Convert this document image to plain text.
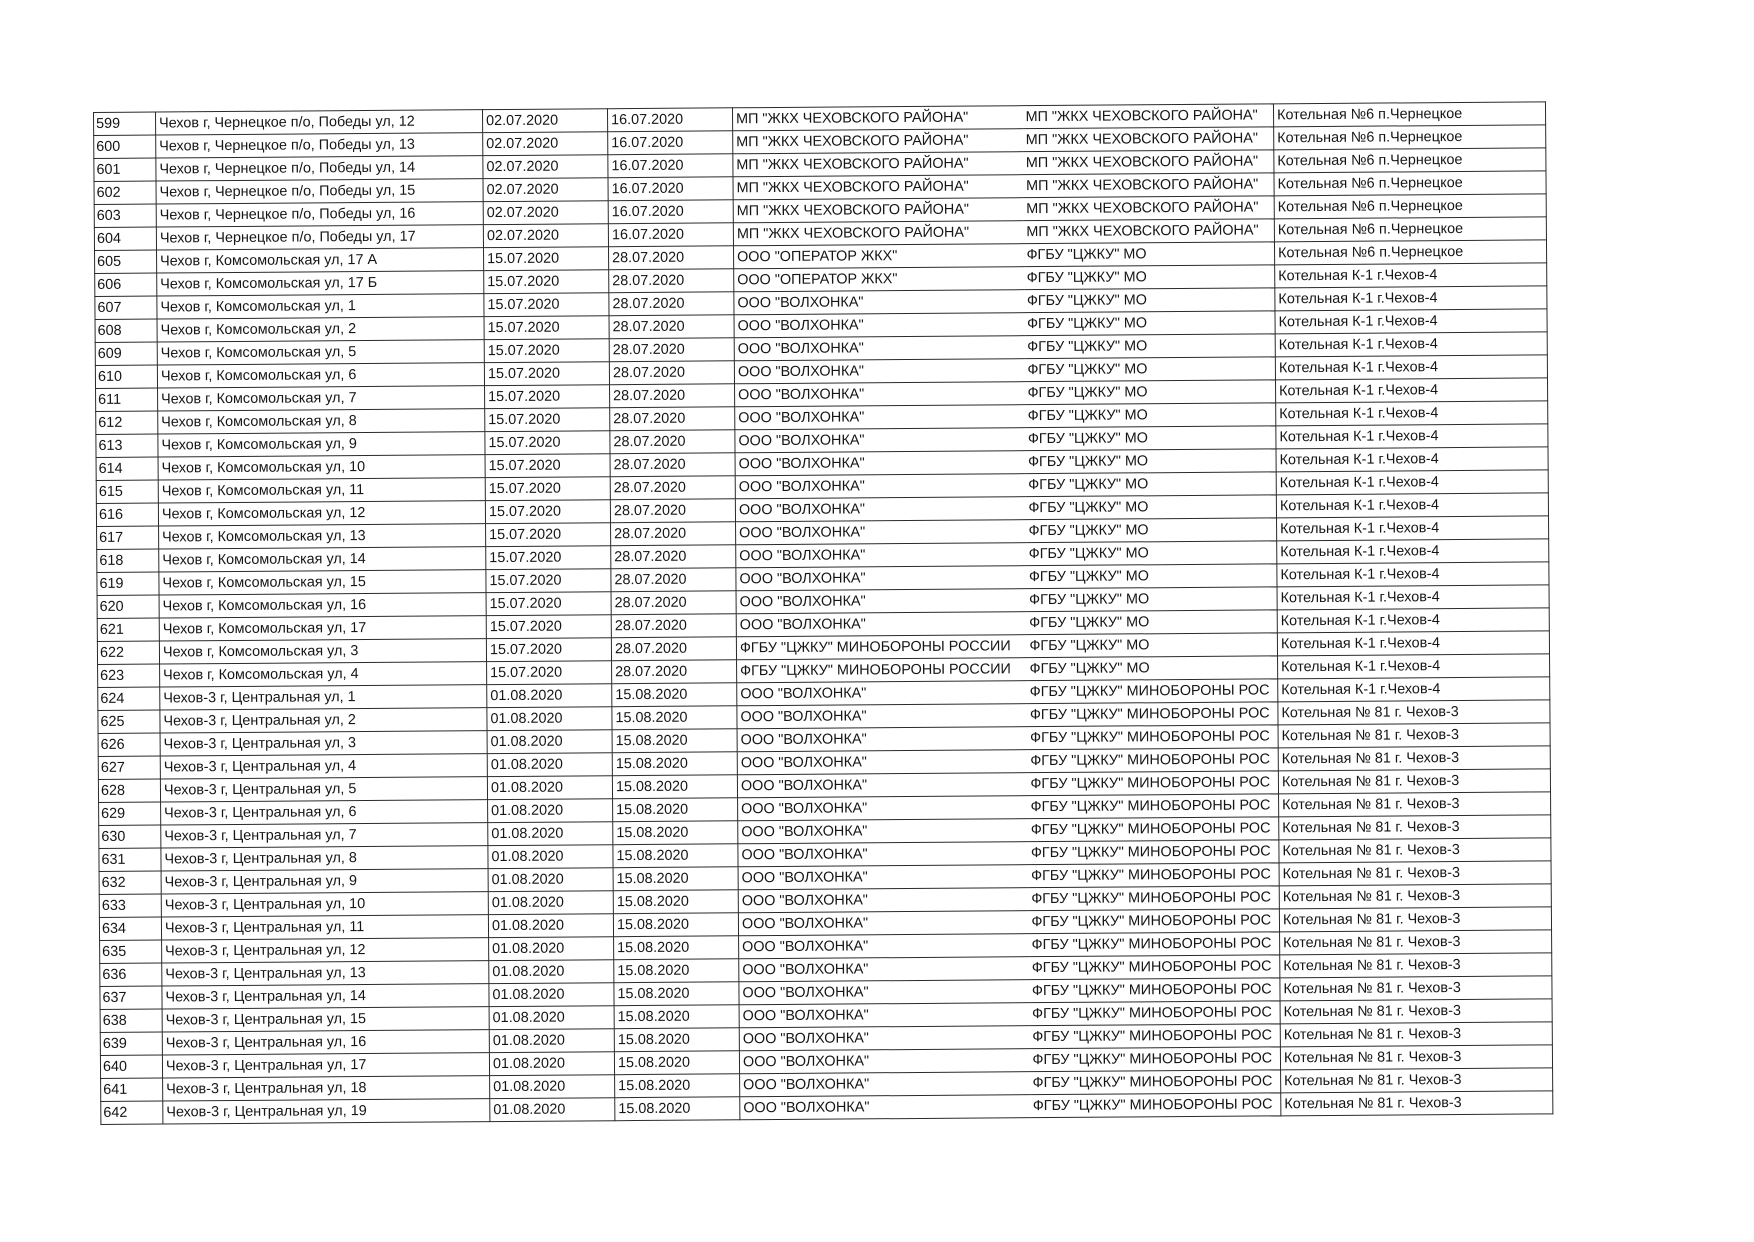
599	Чехов г, Чернецкое п/о, Победы ул, 12	02.07.2020	16.07.2020	МП "ЖКХ ЧЕХОВСКОГО РАЙОНА"	МП "ЖКХ ЧЕХОВСКОГО РАЙОНА"	Котельная №6 п.Чернецкое
600	Чехов г, Чернецкое п/о, Победы ул, 13	02.07.2020	16.07.2020	МП "ЖКХ ЧЕХОВСКОГО РАЙОНА"	МП "ЖКХ ЧЕХОВСКОГО РАЙОНА"	Котельная №6 п.Чернецкое
601	Чехов г, Чернецкое п/о, Победы ул, 14	02.07.2020	16.07.2020	МП "ЖКХ ЧЕХОВСКОГО РАЙОНА"	МП "ЖКХ ЧЕХОВСКОГО РАЙОНА"	Котельная №6 п.Чернецкое
602	Чехов г, Чернецкое п/о, Победы ул, 15	02.07.2020	16.07.2020	МП "ЖКХ ЧЕХОВСКОГО РАЙОНА"	МП "ЖКХ ЧЕХОВСКОГО РАЙОНА"	Котельная №6 п.Чернецкое
603	Чехов г, Чернецкое п/о, Победы ул, 16	02.07.2020	16.07.2020	МП "ЖКХ ЧЕХОВСКОГО РАЙОНА"	МП "ЖКХ ЧЕХОВСКОГО РАЙОНА"	Котельная №6 п.Чернецкое
604	Чехов г, Чернецкое п/о, Победы ул, 17	02.07.2020	16.07.2020	МП "ЖКХ ЧЕХОВСКОГО РАЙОНА"	МП "ЖКХ ЧЕХОВСКОГО РАЙОНА"	Котельная №6 п.Чернецкое
605	Чехов г, Комсомольская ул, 17 А	15.07.2020	28.07.2020	ООО "ОПЕРАТОР ЖКХ"	ФГБУ "ЦЖКУ" МО	Котельная №6 п.Чернецкое
606	Чехов г, Комсомольская ул, 17 Б	15.07.2020	28.07.2020	ООО "ОПЕРАТОР ЖКХ"	ФГБУ "ЦЖКУ" МО	Котельная К-1 г.Чехов-4
607	Чехов г, Комсомольская ул, 1	15.07.2020	28.07.2020	ООО "ВОЛХОНКА"	ФГБУ "ЦЖКУ" МО	Котельная К-1 г.Чехов-4
608	Чехов г, Комсомольская ул, 2	15.07.2020	28.07.2020	ООО "ВОЛХОНКА"	ФГБУ "ЦЖКУ" МО	Котельная К-1 г.Чехов-4
609	Чехов г, Комсомольская ул, 5	15.07.2020	28.07.2020	ООО "ВОЛХОНКА"	ФГБУ "ЦЖКУ" МО	Котельная К-1 г.Чехов-4
610	Чехов г, Комсомольская ул, 6	15.07.2020	28.07.2020	ООО "ВОЛХОНКА"	ФГБУ "ЦЖКУ" МО	Котельная К-1 г.Чехов-4
611	Чехов г, Комсомольская ул, 7	15.07.2020	28.07.2020	ООО "ВОЛХОНКА"	ФГБУ "ЦЖКУ" МО	Котельная К-1 г.Чехов-4
612	Чехов г, Комсомольская ул, 8	15.07.2020	28.07.2020	ООО "ВОЛХОНКА"	ФГБУ "ЦЖКУ" МО	Котельная К-1 г.Чехов-4
613	Чехов г, Комсомольская ул, 9	15.07.2020	28.07.2020	ООО "ВОЛХОНКА"	ФГБУ "ЦЖКУ" МО	Котельная К-1 г.Чехов-4
614	Чехов г, Комсомольская ул, 10	15.07.2020	28.07.2020	ООО "ВОЛХОНКА"	ФГБУ "ЦЖКУ" МО	Котельная К-1 г.Чехов-4
615	Чехов г, Комсомольская ул, 11	15.07.2020	28.07.2020	ООО "ВОЛХОНКА"	ФГБУ "ЦЖКУ" МО	Котельная К-1 г.Чехов-4
616	Чехов г, Комсомольская ул, 12	15.07.2020	28.07.2020	ООО "ВОЛХОНКА"	ФГБУ "ЦЖКУ" МО	Котельная К-1 г.Чехов-4
617	Чехов г, Комсомольская ул, 13	15.07.2020	28.07.2020	ООО "ВОЛХОНКА"	ФГБУ "ЦЖКУ" МО	Котельная К-1 г.Чехов-4
618	Чехов г, Комсомольская ул, 14	15.07.2020	28.07.2020	ООО "ВОЛХОНКА"	ФГБУ "ЦЖКУ" МО	Котельная К-1 г.Чехов-4
619	Чехов г, Комсомольская ул, 15	15.07.2020	28.07.2020	ООО "ВОЛХОНКА"	ФГБУ "ЦЖКУ" МО	Котельная К-1 г.Чехов-4
620	Чехов г, Комсомольская ул, 16	15.07.2020	28.07.2020	ООО "ВОЛХОНКА"	ФГБУ "ЦЖКУ" МО	Котельная К-1 г.Чехов-4
621	Чехов г, Комсомольская ул, 17	15.07.2020	28.07.2020	ООО "ВОЛХОНКА"	ФГБУ "ЦЖКУ" МО	Котельная К-1 г.Чехов-4
622	Чехов г, Комсомольская ул, 3	15.07.2020	28.07.2020	ФГБУ "ЦЖКУ" МИНОБОРОНЫ РОССИИ	ФГБУ "ЦЖКУ" МО	Котельная К-1 г.Чехов-4
623	Чехов г, Комсомольская ул, 4	15.07.2020	28.07.2020	ФГБУ "ЦЖКУ" МИНОБОРОНЫ РОССИИ	ФГБУ "ЦЖКУ" МО	Котельная К-1 г.Чехов-4
624	Чехов-3 г, Центральная ул, 1	01.08.2020	15.08.2020	ООО "ВОЛХОНКА"	ФГБУ "ЦЖКУ" МИНОБОРОНЫ РОС	Котельная К-1 г.Чехов-4
625	Чехов-3 г, Центральная ул, 2	01.08.2020	15.08.2020	ООО "ВОЛХОНКА"	ФГБУ "ЦЖКУ" МИНОБОРОНЫ РОС	Котельная № 81 г. Чехов-3
626	Чехов-3 г, Центральная ул, 3	01.08.2020	15.08.2020	ООО "ВОЛХОНКА"	ФГБУ "ЦЖКУ" МИНОБОРОНЫ РОС	Котельная № 81 г. Чехов-3
627	Чехов-3 г, Центральная ул, 4	01.08.2020	15.08.2020	ООО "ВОЛХОНКА"	ФГБУ "ЦЖКУ" МИНОБОРОНЫ РОС	Котельная № 81 г. Чехов-3
628	Чехов-3 г, Центральная ул, 5	01.08.2020	15.08.2020	ООО "ВОЛХОНКА"	ФГБУ "ЦЖКУ" МИНОБОРОНЫ РОС	Котельная № 81 г. Чехов-3
629	Чехов-3 г, Центральная ул, 6	01.08.2020	15.08.2020	ООО "ВОЛХОНКА"	ФГБУ "ЦЖКУ" МИНОБОРОНЫ РОС	Котельная № 81 г. Чехов-3
630	Чехов-3 г, Центральная ул, 7	01.08.2020	15.08.2020	ООО "ВОЛХОНКА"	ФГБУ "ЦЖКУ" МИНОБОРОНЫ РОС	Котельная № 81 г. Чехов-3
631	Чехов-3 г, Центральная ул, 8	01.08.2020	15.08.2020	ООО "ВОЛХОНКА"	ФГБУ "ЦЖКУ" МИНОБОРОНЫ РОС	Котельная № 81 г. Чехов-3
632	Чехов-3 г, Центральная ул, 9	01.08.2020	15.08.2020	ООО "ВОЛХОНКА"	ФГБУ "ЦЖКУ" МИНОБОРОНЫ РОС	Котельная № 81 г. Чехов-3
633	Чехов-3 г, Центральная ул, 10	01.08.2020	15.08.2020	ООО "ВОЛХОНКА"	ФГБУ "ЦЖКУ" МИНОБОРОНЫ РОС	Котельная № 81 г. Чехов-3
634	Чехов-3 г, Центральная ул, 11	01.08.2020	15.08.2020	ООО "ВОЛХОНКА"	ФГБУ "ЦЖКУ" МИНОБОРОНЫ РОС	Котельная № 81 г. Чехов-3
635	Чехов-3 г, Центральная ул, 12	01.08.2020	15.08.2020	ООО "ВОЛХОНКА"	ФГБУ "ЦЖКУ" МИНОБОРОНЫ РОС	Котельная № 81 г. Чехов-3
636	Чехов-3 г, Центральная ул, 13	01.08.2020	15.08.2020	ООО "ВОЛХОНКА"	ФГБУ "ЦЖКУ" МИНОБОРОНЫ РОС	Котельная № 81 г. Чехов-3
637	Чехов-3 г, Центральная ул, 14	01.08.2020	15.08.2020	ООО "ВОЛХОНКА"	ФГБУ "ЦЖКУ" МИНОБОРОНЫ РОС	Котельная № 81 г. Чехов-3
638	Чехов-3 г, Центральная ул, 15	01.08.2020	15.08.2020	ООО "ВОЛХОНКА"	ФГБУ "ЦЖКУ" МИНОБОРОНЫ РОС	Котельная № 81 г. Чехов-3
639	Чехов-3 г, Центральная ул, 16	01.08.2020	15.08.2020	ООО "ВОЛХОНКА"	ФГБУ "ЦЖКУ" МИНОБОРОНЫ РОС	Котельная № 81 г. Чехов-3
640	Чехов-3 г, Центральная ул, 17	01.08.2020	15.08.2020	ООО "ВОЛХОНКА"	ФГБУ "ЦЖКУ" МИНОБОРОНЫ РОС	Котельная № 81 г. Чехов-3
641	Чехов-3 г, Центральная ул, 18	01.08.2020	15.08.2020	ООО "ВОЛХОНКА"	ФГБУ "ЦЖКУ" МИНОБОРОНЫ РОС	Котельная № 81 г. Чехов-3
642	Чехов-3 г, Центральная ул, 19	01.08.2020	15.08.2020	ООО "ВОЛХОНКА"	ФГБУ "ЦЖКУ" МИНОБОРОНЫ РОС	Котельная № 81 г. Чехов-3
